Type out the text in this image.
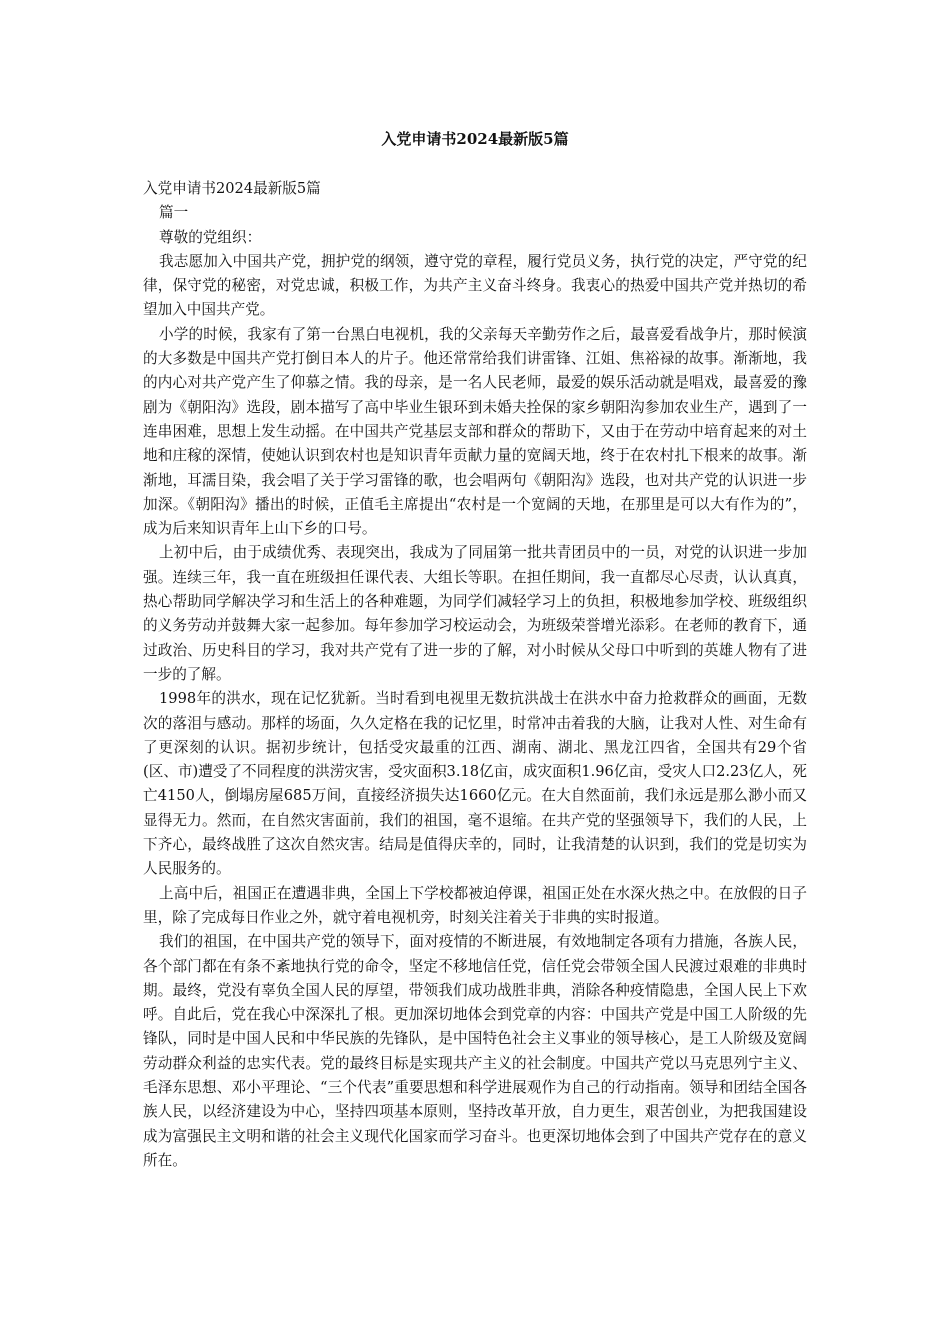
入党申请书2024最新版5篇

入党申请书2024最新版5篇

篇一

尊敬的党组织：

我志愿加入中国共产党，拥护党的纲领，遵守党的章程，履行党员义务，执行党的决定，严守党的纪律，保守党的秘密，对党忠诚，积极工作，为共产主义奋斗终身。我衷心的热爱中国共产党并热切的希望加入中国共产党。

小学的时候，我家有了第一台黑白电视机，我的父亲每天辛勤劳作之后，最喜爱看战争片，那时候演的大多数是中国共产党打倒日本人的片子。他还常常给我们讲雷锋、江姐、焦裕禄的故事。渐渐地，我的内心对共产党产生了仰慕之情。我的母亲，是一名人民老师，最爱的娱乐活动就是唱戏，最喜爱的豫剧为《朝阳沟》选段，剧本描写了高中毕业生银环到未婚夫拴保的家乡朝阳沟参加农业生产，遇到了一连串困难，思想上发生动摇。在中国共产党基层支部和群众的帮助下，又由于在劳动中培育起来的对土地和庄稼的深情，使她认识到农村也是知识青年贡献力量的宽阔天地，终于在农村扎下根来的故事。渐渐地，耳濡目染，我会唱了关于学习雷锋的歌，也会唱两句《朝阳沟》选段，也对共产党的认识进一步加深。《朝阳沟》播出的时候，正值毛主席提出“农村是一个宽阔的天地，在那里是可以大有作为的”，成为后来知识青年上山下乡的口号。

上初中后，由于成绩优秀、表现突出，我成为了同届第一批共青团员中的一员，对党的认识进一步加强。连续三年，我一直在班级担任课代表、大组长等职。在担任期间，我一直都尽心尽责，认认真真，热心帮助同学解决学习和生活上的各种难题，为同学们减轻学习上的负担，积极地参加学校、班级组织的义务劳动并鼓舞大家一起参加。每年参加学习校运动会，为班级荣誉增光添彩。在老师的教育下，通过政治、历史科目的学习，我对共产党有了进一步的了解，对小时候从父母口中听到的英雄人物有了进一步的了解。

1998年的洪水，现在记忆犹新。当时看到电视里无数抗洪战士在洪水中奋力抢救群众的画面，无数次的落泪与感动。那样的场面，久久定格在我的记忆里，时常冲击着我的大脑，让我对人性、对生命有了更深刻的认识。据初步统计，包括受灾最重的江西、湖南、湖北、黑龙江四省，全国共有29个省(区、市)遭受了不同程度的洪涝灾害，受灾面积3.18亿亩，成灾面积1.96亿亩，受灾人口2.23亿人，死亡4150人，倒塌房屋685万间，直接经济损失达1660亿元。在大自然面前，我们永远是那么渺小而又显得无力。然而，在自然灾害面前，我们的祖国，毫不退缩。在共产党的坚强领导下，我们的人民，上下齐心，最终战胜了这次自然灾害。结局是值得庆幸的，同时，让我清楚的认识到，我们的党是切实为人民服务的。

上高中后，祖国正在遭遇非典，全国上下学校都被迫停课，祖国正处在水深火热之中。在放假的日子里，除了完成每日作业之外，就守着电视机旁，时刻关注着关于非典的实时报道。

我们的祖国，在中国共产党的领导下，面对疫情的不断进展，有效地制定各项有力措施，各族人民，各个部门都在有条不紊地执行党的命令，坚定不移地信任党，信任党会带领全国人民渡过艰难的非典时期。最终，党没有辜负全国人民的厚望，带领我们成功战胜非典，消除各种疫情隐患，全国人民上下欢呼。自此后，党在我心中深深扎了根。更加深切地体会到党章的内容：中国共产党是中国工人阶级的先锋队，同时是中国人民和中华民族的先锋队，是中国特色社会主义事业的领导核心，是工人阶级及宽阔劳动群众利益的忠实代表。党的最终目标是实现共产主义的社会制度。中国共产党以马克思列宁主义、毛泽东思想、邓小平理论、“三个代表”重要思想和科学进展观作为自己的行动指南。领导和团结全国各族人民，以经济建设为中心，坚持四项基本原则，坚持改革开放，自力更生，艰苦创业，为把我国建设成为富强民主文明和谐的社会主义现代化国家而学习奋斗。也更深切地体会到了中国共产党存在的意义所在。
